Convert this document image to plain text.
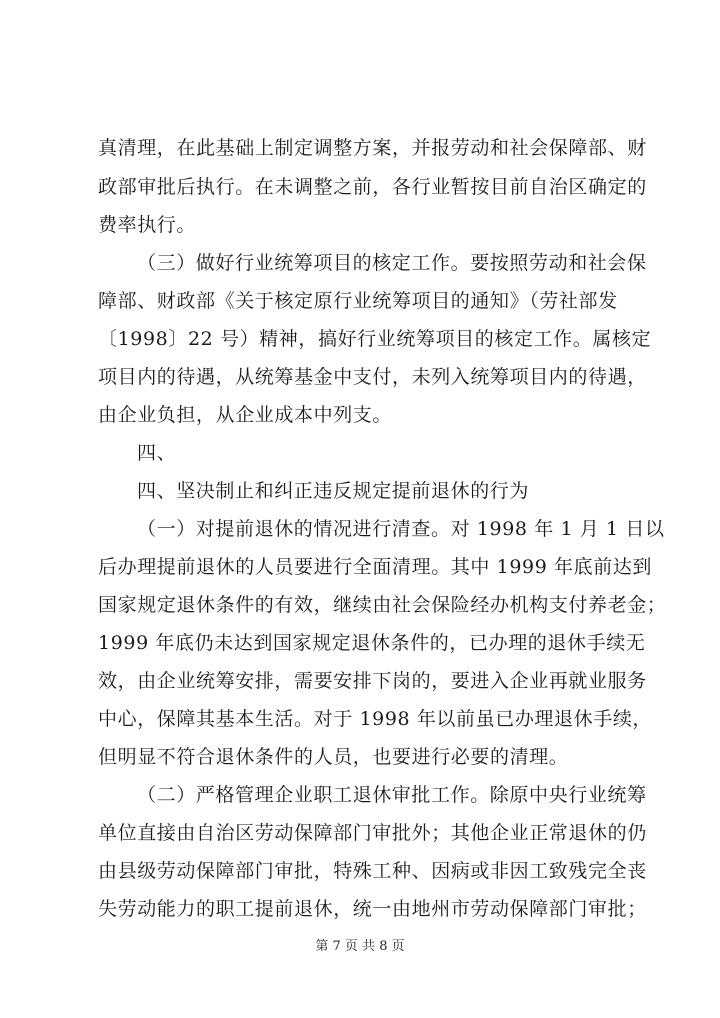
真清理，在此基础上制定调整方案，并报劳动和社会保障部、财
政部审批后执行。在未调整之前，各行业暂按目前自治区确定的
费率执行。
（三）做好行业统筹项目的核定工作。要按照劳动和社会保
障部、财政部《关于核定原行业统筹项目的通知》（劳社部发
〔1998〕22 号）精神，搞好行业统筹项目的核定工作。属核定
项目内的待遇，从统筹基金中支付，未列入统筹项目内的待遇，
由企业负担，从企业成本中列支。
四、
四、坚决制止和纠正违反规定提前退休的行为
（一）对提前退休的情况进行清查。对 1998 年 1 月 1 日以
后办理提前退休的人员要进行全面清理。其中 1999 年底前达到
国家规定退休条件的有效，继续由社会保险经办机构支付养老金；
1999 年底仍未达到国家规定退休条件的，已办理的退休手续无
效，由企业统筹安排，需要安排下岗的，要进入企业再就业服务
中心，保障其基本生活。对于 1998 年以前虽已办理退休手续，
但明显不符合退休条件的人员，也要进行必要的清理。
（二）严格管理企业职工退休审批工作。除原中央行业统筹
单位直接由自治区劳动保障部门审批外；其他企业正常退休的仍
由县级劳动保障部门审批，特殊工种、因病或非因工致残完全丧
失劳动能力的职工提前退休，统一由地州市劳动保障部门审批；
第 7 页 共 8 页
